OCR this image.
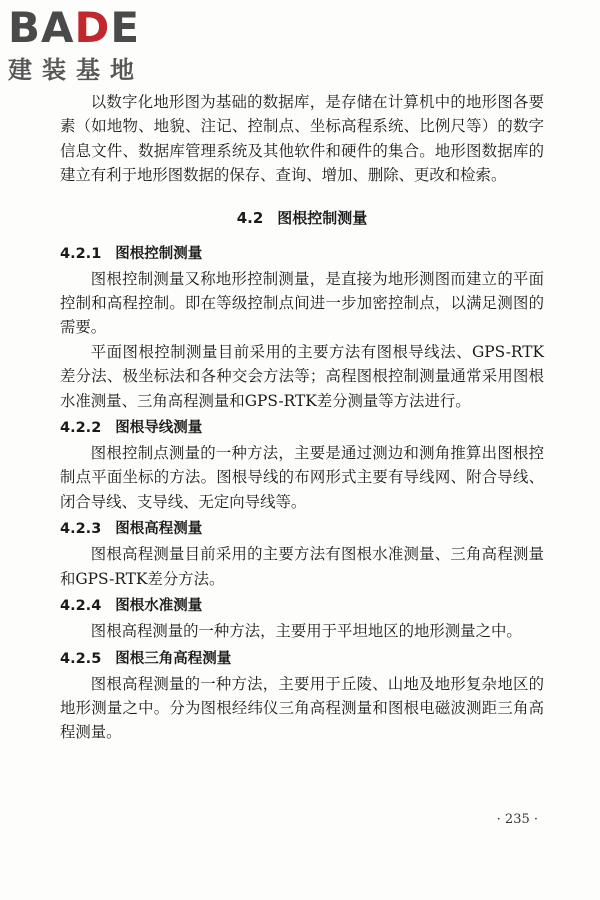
BADE
建装基地

以数字化地形图为基础的数据库，是存储在计算机中的地形图各要素（如地物、地貌、注记、控制点、坐标高程系统、比例尺等）的数字信息文件、数据库管理系统及其他软件和硬件的集合。地形图数据库的建立有利于地形图数据的保存、查询、增加、删除、更改和检索。

4.2 图根控制测量
4.2.1 图根控制测量

图根控制测量又称地形控制测量，是直接为地形测图而建立的平面控制和高程控制。即在等级控制点间进一步加密控制点，以满足测图的需要。

平面图根控制测量目前采用的主要方法有图根导线法、GPS-RTK差分法、极坐标法和各种交会方法等；高程图根控制测量通常采用图根水准测量、三角高程测量和GPS-RTK差分测量等方法进行。

4.2.2 图根导线测量

图根控制点测量的一种方法，主要是通过测边和测角推算出图根控制点平面坐标的方法。图根导线的布网形式主要有导线网、附合导线、闭合导线、支导线、无定向导线等。

4.2.3 图根高程测量

图根高程测量目前采用的主要方法有图根水准测量、三角高程测量和GPS-RTK差分方法。

4.2.4 图根水准测量

图根高程测量的一种方法，主要用于平坦地区的地形测量之中。

4.2.5 图根三角高程测量

图根高程测量的一种方法，主要用于丘陵、山地及地形复杂地区的地形测量之中。分为图根经纬仪三角高程测量和图根电磁波测距三角高程测量。

· 235 ·
